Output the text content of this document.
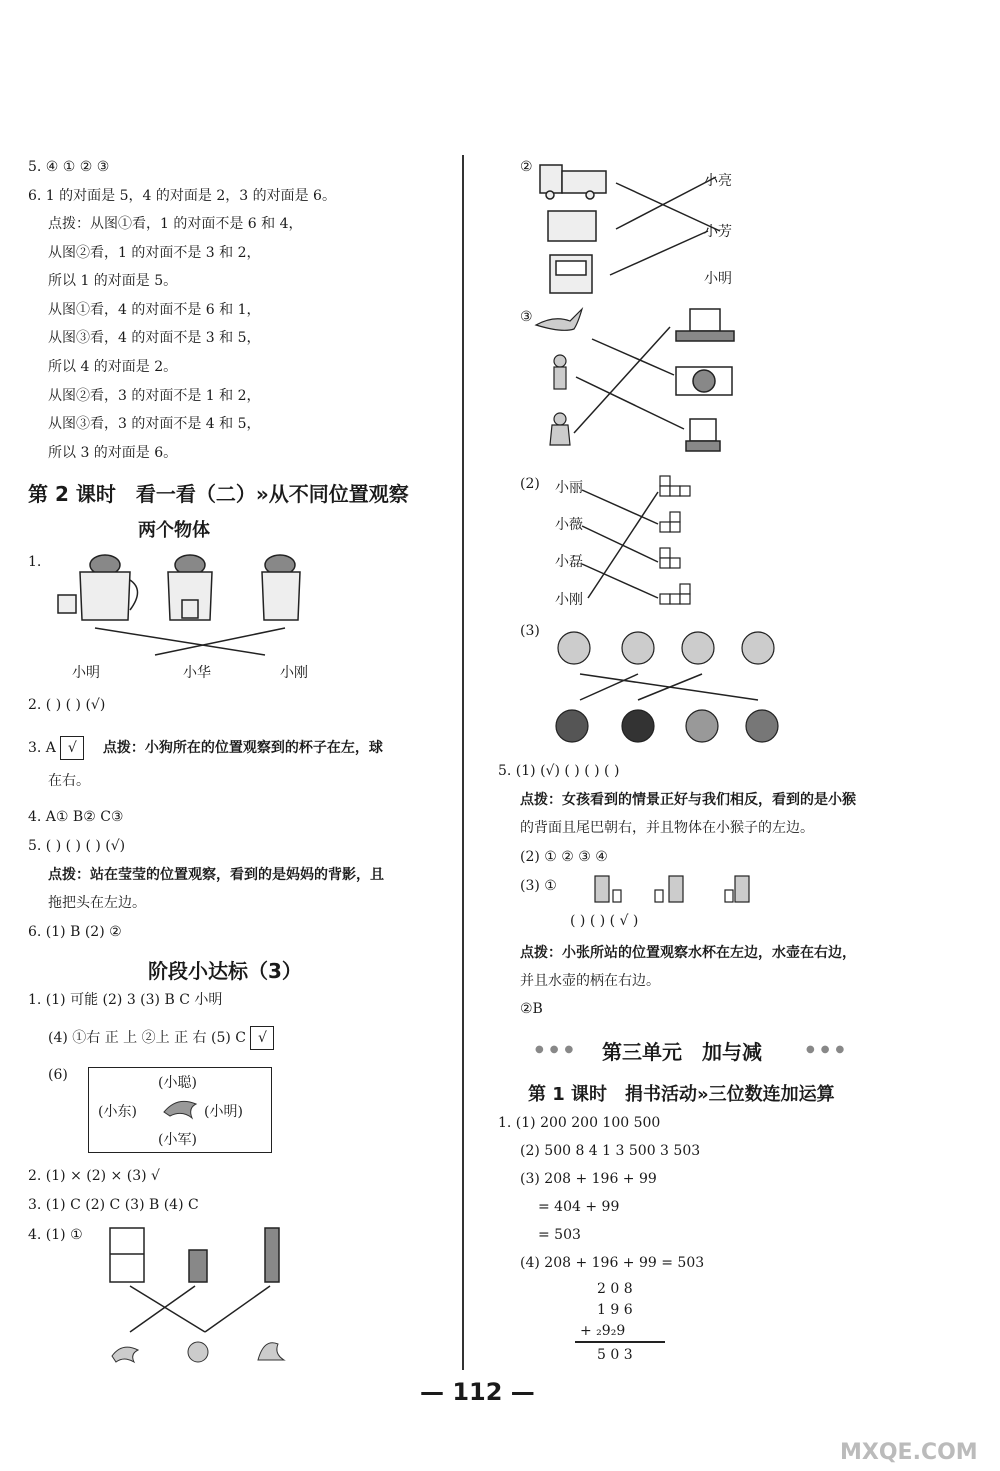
5. ④ ① ② ③
6. 1 的对面是 5，4 的对面是 2，3 的对面是 6。
点拨：从图①看，1 的对面不是 6 和 4，
从图②看，1 的对面不是 3 和 2，
所以 1 的对面是 5。
从图①看，4 的对面不是 6 和 1，
从图③看，4 的对面不是 3 和 5，
所以 4 的对面是 2。
从图②看，3 的对面不是 1 和 2，
从图③看，3 的对面不是 4 和 5，
所以 3 的对面是 6。
第 2 课时　看一看（二）»从不同位置观察
两个物体
1.
小明	小华	小刚
2. ( ) ( ) (√)
3. A √ 点拨：小狗所在的位置观察到的杯子在左，球
在右。
4. A① B② C③
5. ( ) ( ) ( ) (√)
点拨：站在莹莹的位置观察，看到的是妈妈的背影，且
拖把头在左边。
6. (1) B (2) ②
阶段小达标（3）
1. (1) 可能 (2) 3 (3) B C 小明
(4) ①右 正 上 ②上 正 右 (5) C √
(6)	(小聪)
(小东)	(小明)
(小军)
2. (1) × (2) × (3) √
3. (1) C (2) C (3) B (4) C
4. (1) ①
②
小亮
小芳
小明
③
(2) 小丽
小薇
小磊
小刚
(3)
5. (1) (√) ( ) ( ) ( )
点拨：女孩看到的情景正好与我们相反，看到的是小猴
的背面且尾巴朝右，并且物体在小猴子的左边。
(2) ① ② ③ ④
(3) ①
( ) ( ) ( √ )
点拨：小张所站的位置观察水杯在左边，水壶在右边，
并且水壶的柄在右边。
②B
●●● 第三单元　加与减	●●●
第 1 课时　捐书活动»三位数连加运算
1. (1) 200 200 100 500
(2) 500 8 4 1 3 500 3 503
(3) 208 + 196 + 99
= 404 + 99
= 503
(4) 208 + 196 + 99 = 503
2 0 8
1 9 6
+ ₂9₂9
5 0 3
— 112 —
MXQE.COM
